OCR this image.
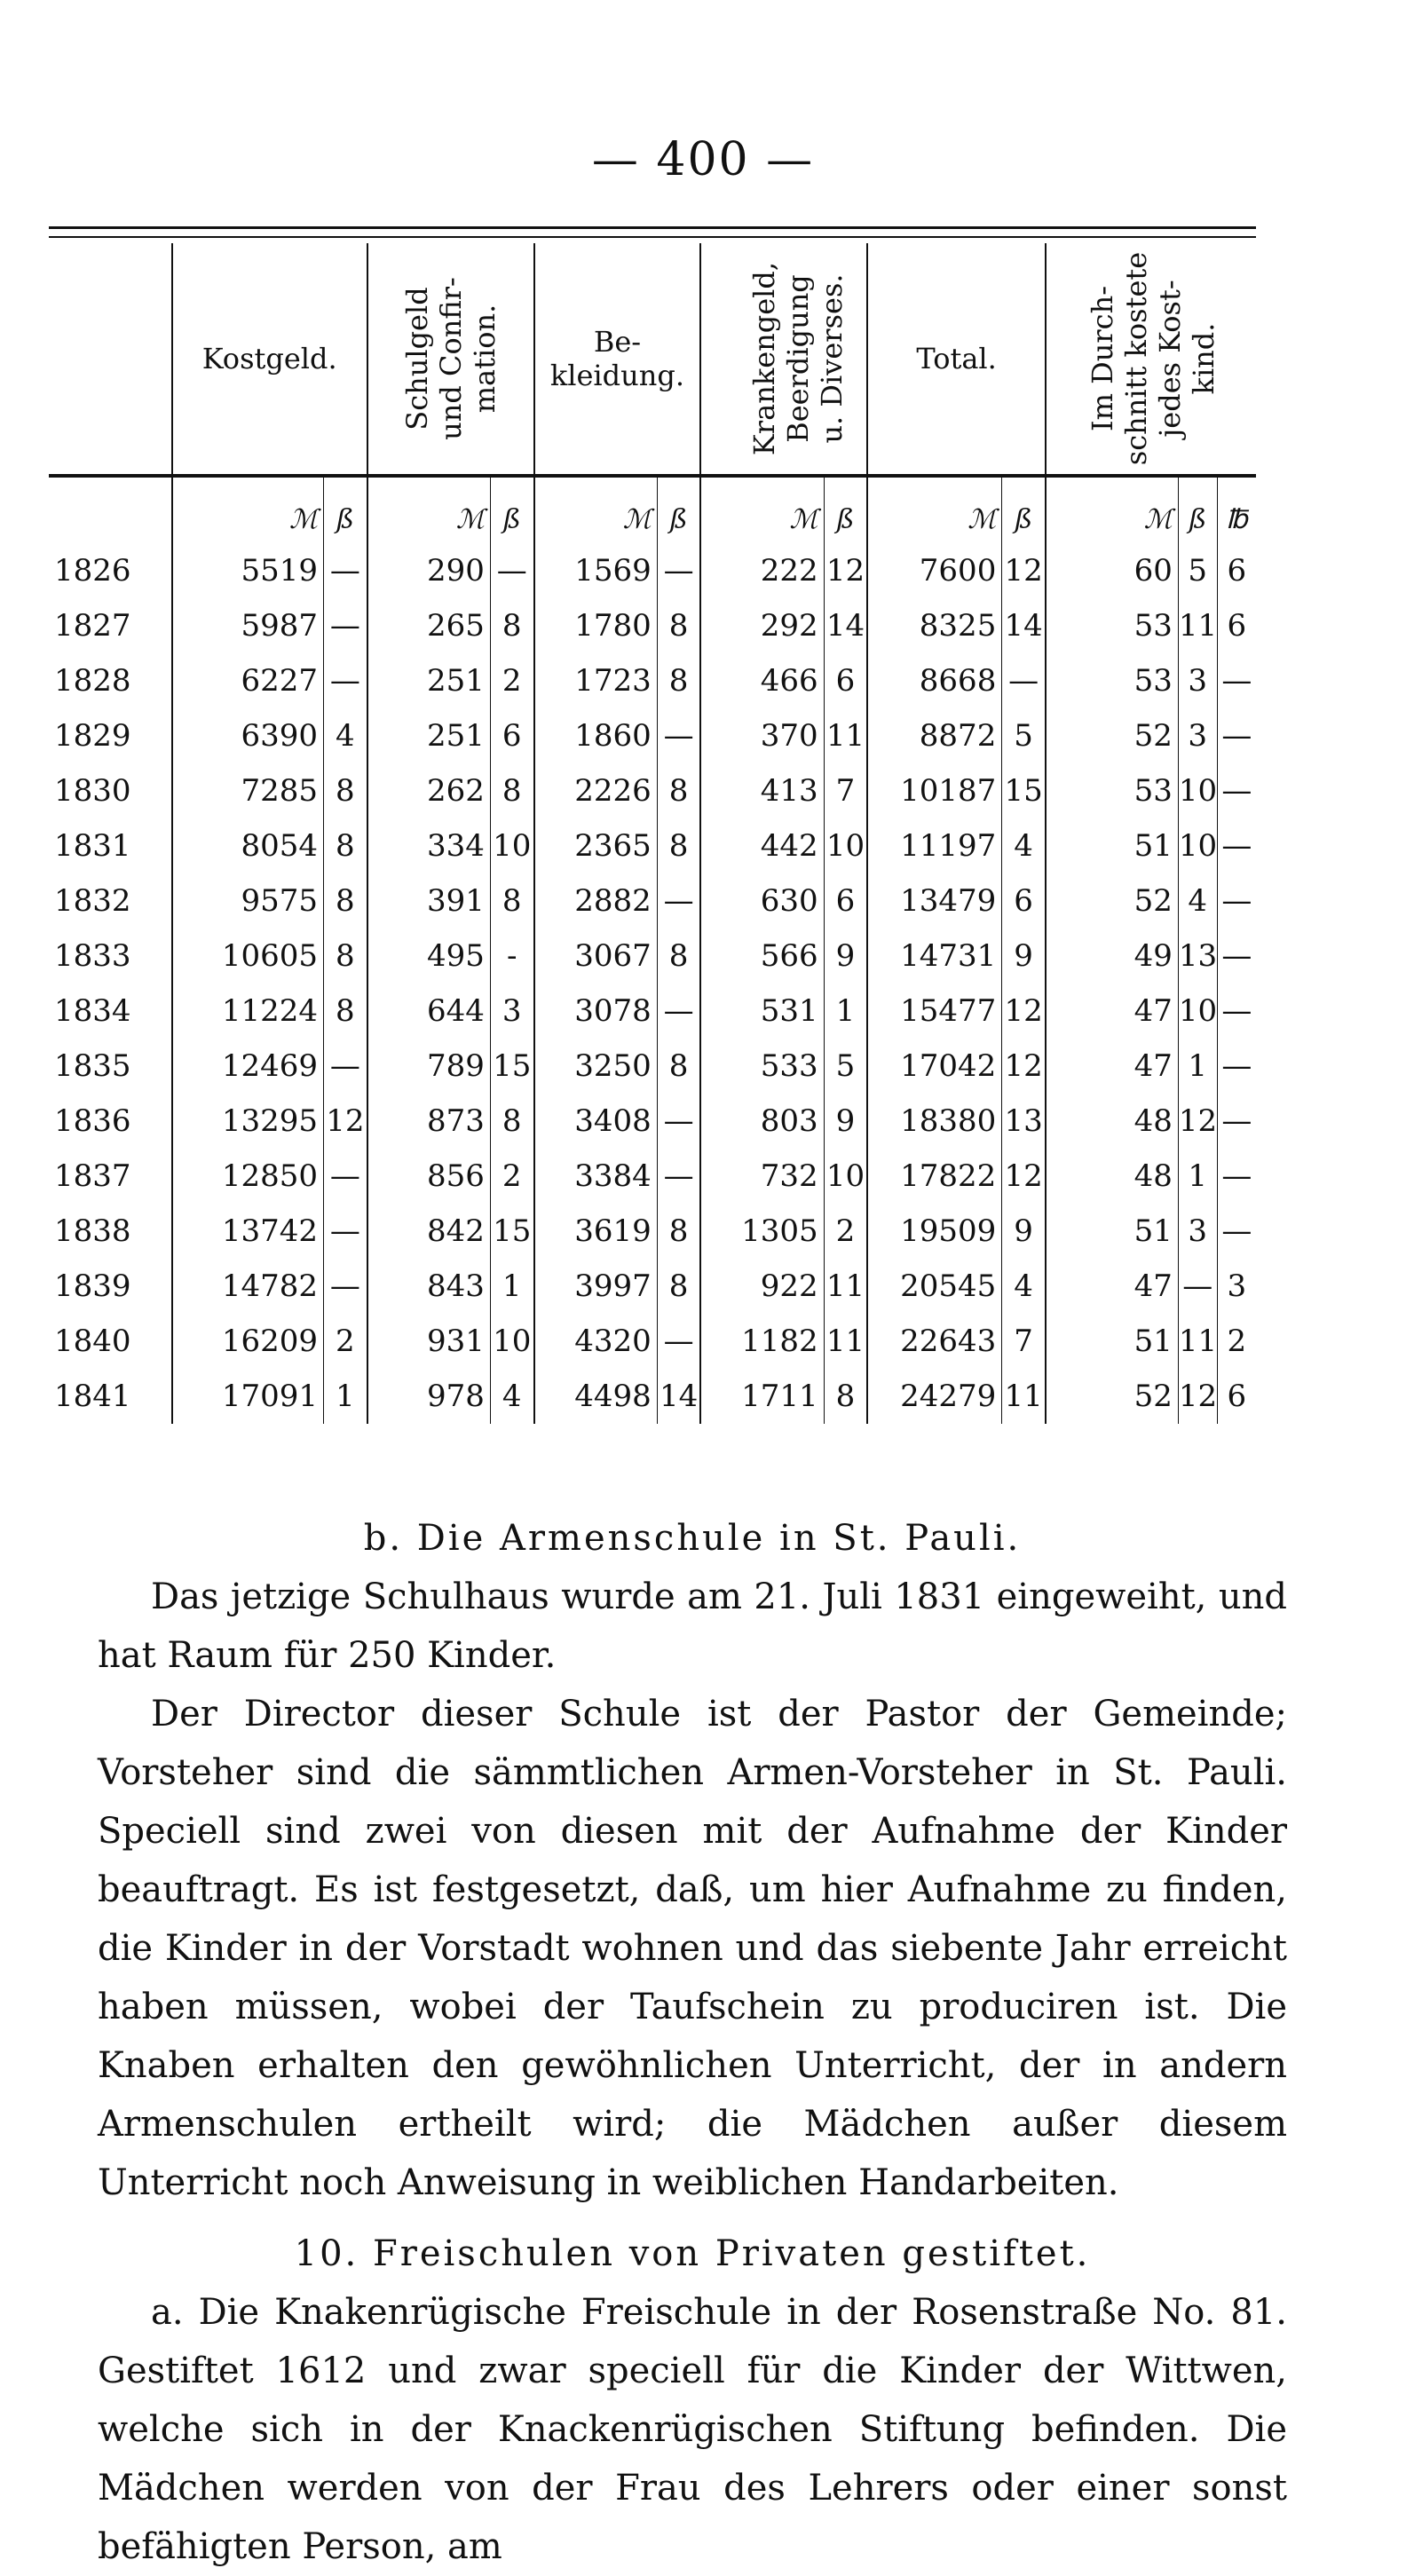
— 400 —

	Kostgeld.		Schulgeld
und Confir-
mation.		Be-
kleidung.		Krankengeld,
Beerdigung
u. Diverses.		Total.		Im Durch-
schnitt kostete
jedes Kost-
kind.		
	ℳ	ß	ℳ	ß	ℳ	ß	ℳ	ß	ℳ	ß	ℳ	ß	℔
1826	5519	—	290	—	1569	—	222	12	7600	12	60	5	6
1827	5987	—	265	8	1780	8	292	14	8325	14	53	11	6
1828	6227	—	251	2	1723	8	466	6	8668	—	53	3	—
1829	6390	4	251	6	1860	—	370	11	8872	5	52	3	—
1830	7285	8	262	8	2226	8	413	7	10187	15	53	10	—
1831	8054	8	334	10	2365	8	442	10	11197	4	51	10	—
1832	9575	8	391	8	2882	—	630	6	13479	6	52	4	—
1833	10605	8	495	-	3067	8	566	9	14731	9	49	13	—
1834	11224	8	644	3	3078	—	531	1	15477	12	47	10	—
1835	12469	—	789	15	3250	8	533	5	17042	12	47	1	—
1836	13295	12	873	8	3408	—	803	9	18380	13	48	12	—
1837	12850	—	856	2	3384	—	732	10	17822	12	48	1	—
1838	13742	—	842	15	3619	8	1305	2	19509	9	51	3	—
1839	14782	—	843	1	3997	8	922	11	20545	4	47	—	3
1840	16209	2	931	10	4320	—	1182	11	22643	7	51	11	2
1841	17091	1	978	4	4498	14	1711	8	24279	11	52	12	6
b. Die Armenschule in St. Pauli.

Das jetzige Schulhaus wurde am 21. Juli 1831 eingeweiht, und hat Raum für 250 Kinder.

Der Director dieser Schule ist der Pastor der Gemeinde; Vorsteher sind die sämmtlichen Armen-Vorsteher in St. Pauli. Speciell sind zwei von diesen mit der Aufnahme der Kinder beauftragt. Es ist festgesetzt, daß, um hier Aufnahme zu finden, die Kinder in der Vorstadt wohnen und das siebente Jahr erreicht haben müssen, wobei der Taufschein zu produciren ist. Die Knaben erhalten den gewöhnlichen Unterricht, der in andern Armenschulen ertheilt wird; die Mädchen außer diesem Unterricht noch Anweisung in weiblichen Handarbeiten.

10. Freischulen von Privaten gestiftet.

a. Die Knakenrügische Freischule in der Rosenstraße No. 81. Gestiftet 1612 und zwar speciell für die Kinder der Wittwen, welche sich in der Knackenrügischen Stiftung befinden. Die Mädchen werden von der Frau des Lehrers oder einer sonst befähigten Person, am
